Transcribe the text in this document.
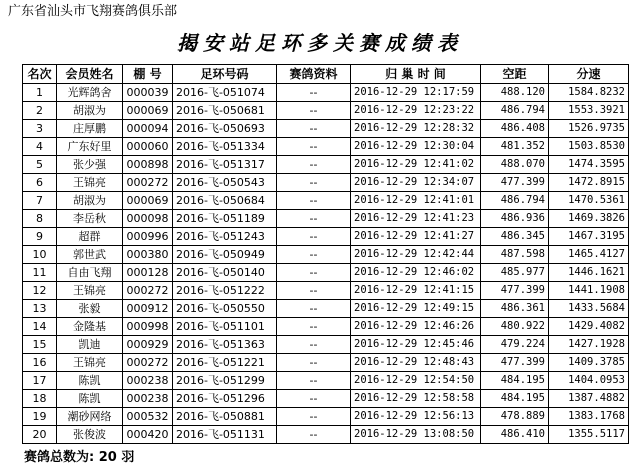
广东省汕头市飞翔赛鸽俱乐部
揭安站足环多关赛成绩表
名次	会员姓名	棚 号	足环号码	赛鸽资料	归 巢 时 间	空距	分速
1	光辉鸽舍	000039	2016-飞-051074	--	2016-12-29 12:17:59	488.120	1584.8232
2	胡淑为	000069	2016-飞-050681	--	2016-12-29 12:23:22	486.794	1553.3921
3	庄厚鹏	000094	2016-飞-050693	--	2016-12-29 12:28:32	486.408	1526.9735
4	广东好里	000060	2016-飞-051334	--	2016-12-29 12:30:04	481.352	1503.8530
5	张少强	000898	2016-飞-051317	--	2016-12-29 12:41:02	488.070	1474.3595
6	王锦亮	000272	2016-飞-050543	--	2016-12-29 12:34:07	477.399	1472.8915
7	胡淑为	000069	2016-飞-050684	--	2016-12-29 12:41:01	486.794	1470.5361
8	李岳秋	000098	2016-飞-051189	--	2016-12-29 12:41:23	486.936	1469.3826
9	超群	000996	2016-飞-051243	--	2016-12-29 12:41:27	486.345	1467.3195
10	郭世武	000380	2016-飞-050949	--	2016-12-29 12:42:44	487.598	1465.4127
11	自由飞翔	000128	2016-飞-050140	--	2016-12-29 12:46:02	485.977	1446.1621
12	王锦亮	000272	2016-飞-051222	--	2016-12-29 12:41:15	477.399	1441.1908
13	张毅	000912	2016-飞-050550	--	2016-12-29 12:49:15	486.361	1433.5684
14	金隆基	000998	2016-飞-051101	--	2016-12-29 12:46:26	480.922	1429.4082
15	凯迪	000929	2016-飞-051363	--	2016-12-29 12:45:46	479.224	1427.1928
16	王锦亮	000272	2016-飞-051221	--	2016-12-29 12:48:43	477.399	1409.3785
17	陈凯	000238	2016-飞-051299	--	2016-12-29 12:54:50	484.195	1404.0953
18	陈凯	000238	2016-飞-051296	--	2016-12-29 12:58:58	484.195	1387.4882
19	潮砂网络	000532	2016-飞-050881	--	2016-12-29 12:56:13	478.889	1383.1768
20	张俊波	000420	2016-飞-051131	--	2016-12-29 13:08:50	486.410	1355.5117
赛鸽总数为: 20 羽
